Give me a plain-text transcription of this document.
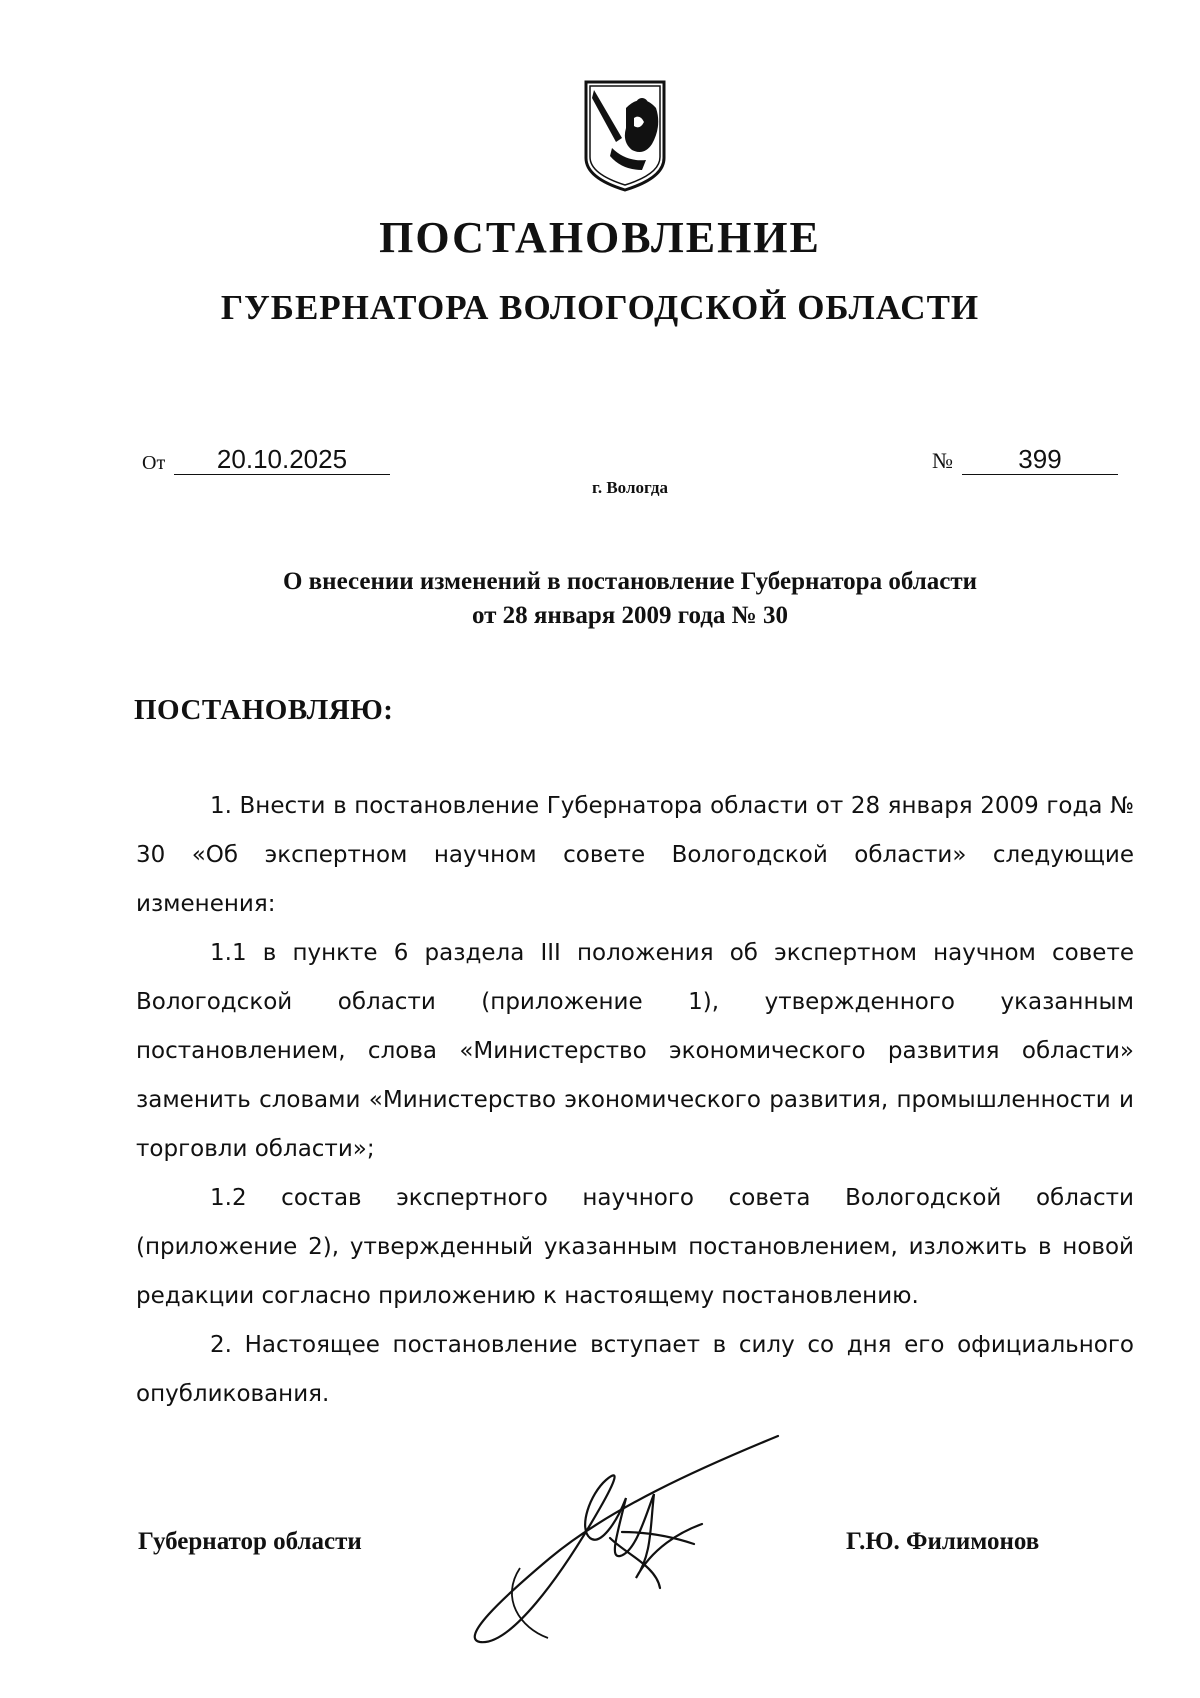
ПОСТАНОВЛЕНИЕ
ГУБЕРНАТОРА ВОЛОГОДСКОЙ ОБЛАСТИ
От	20.10.2025	№	399
г. Вологда
О внесении изменений в постановление Губернатора области
от 28 января 2009 года № 30
ПОСТАНОВЛЯЮ:

1. Внести в постановление Губернатора области от 28 января 2009 года № 30 «Об экспертном научном совете Вологодской области» следующие изменения:

1.1 в пункте 6 раздела III положения об экспертном научном совете Вологодской области (приложение 1), утвержденного указанным постановлением, слова «Министерство экономического развития области» заменить словами «Министерство экономического развития, промышленности и торговли области»;

1.2 состав экспертного научного совета Вологодской области (приложение 2), утвержденный указанным постановлением, изложить в новой редакции согласно приложению к настоящему постановлению.

2. Настоящее постановление вступает в силу со дня его официального опубликования.

Губернатор области	Г.Ю. Филимонов
